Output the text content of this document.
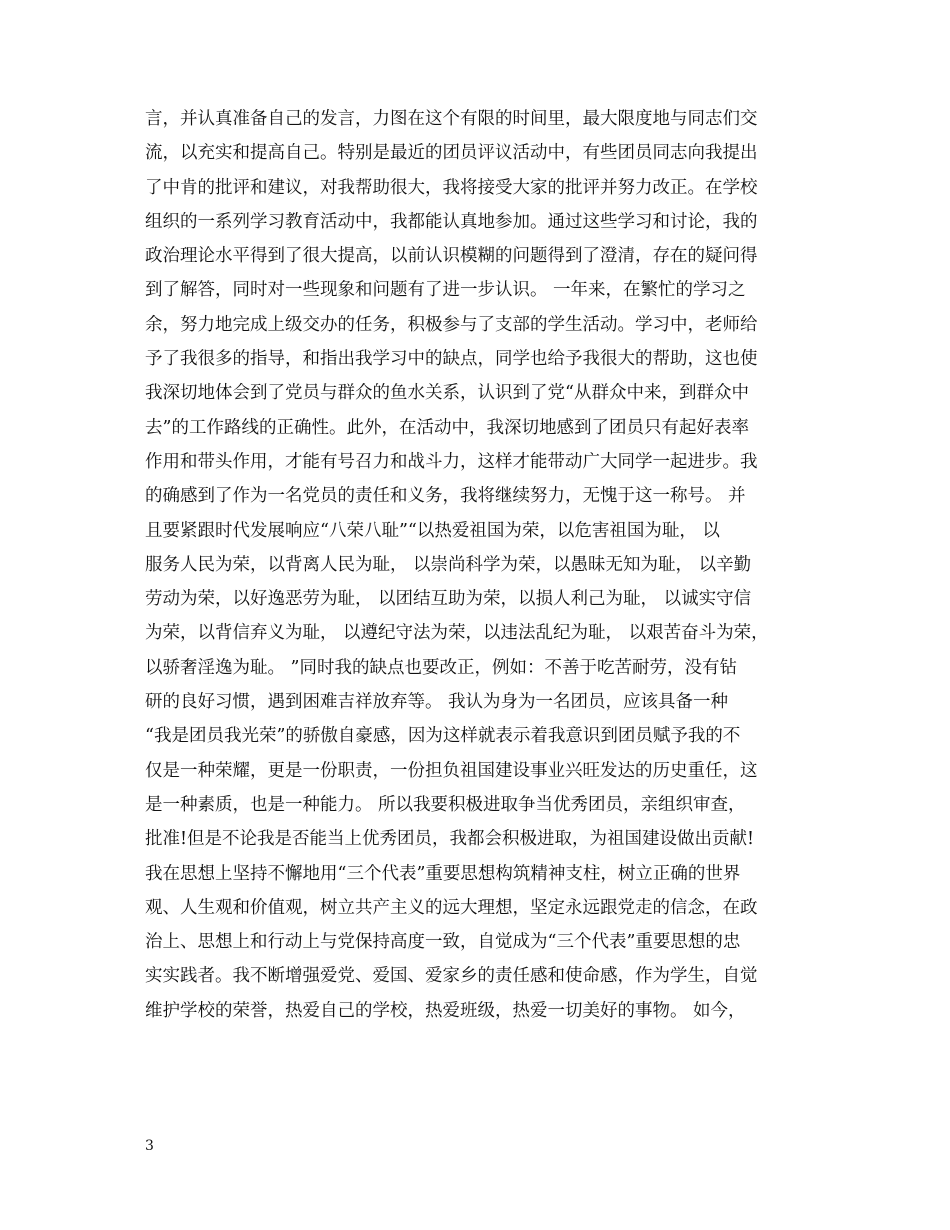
言，并认真准备自己的发言，力图在这个有限的时间里，最大限度地与同志们交
流，以充实和提高自己。特别是最近的团员评议活动中，有些团员同志向我提出
了中肯的批评和建议，对我帮助很大，我将接受大家的批评并努力改正。在学校
组织的一系列学习教育活动中，我都能认真地参加。通过这些学习和讨论，我的
政治理论水平得到了很大提高，以前认识模糊的问题得到了澄清，存在的疑问得
到了解答，同时对一些现象和问题有了进一步认识。 一年来，在繁忙的学习之
余，努力地完成上级交办的任务，积极参与了支部的学生活动。学习中，老师给
予了我很多的指导，和指出我学习中的缺点，同学也给予我很大的帮助，这也使
我深切地体会到了党员与群众的鱼水关系，认识到了党“从群众中来，到群众中
去”的工作路线的正确性。此外，在活动中，我深切地感到了团员只有起好表率
作用和带头作用，才能有号召力和战斗力，这样才能带动广大同学一起进步。我
的确感到了作为一名党员的责任和义务，我将继续努力，无愧于这一称号。 并
且要紧跟时代发展响应“八荣八耻”“以热爱祖国为荣，以危害祖国为耻， 以
服务人民为荣，以背离人民为耻， 以崇尚科学为荣，以愚昧无知为耻， 以辛勤
劳动为荣，以好逸恶劳为耻， 以团结互助为荣，以损人利己为耻， 以诚实守信
为荣，以背信弃义为耻， 以遵纪守法为荣，以违法乱纪为耻， 以艰苦奋斗为荣，
以骄奢淫逸为耻。 ”同时我的缺点也要改正，例如：不善于吃苦耐劳，没有钻
研的良好习惯，遇到困难吉祥放弃等。 我认为身为一名团员，应该具备一种
“我是团员我光荣”的骄傲自豪感，因为这样就表示着我意识到团员赋予我的不
仅是一种荣耀，更是一份职责，一份担负祖国建设事业兴旺发达的历史重任，这
是一种素质，也是一种能力。 所以我要积极进取争当优秀团员，亲组织审查，
批准!但是不论我是否能当上优秀团员，我都会积极进取，为祖国建设做出贡献!
我在思想上坚持不懈地用“三个代表”重要思想构筑精神支柱，树立正确的世界
观、人生观和价值观，树立共产主义的远大理想，坚定永远跟党走的信念，在政
治上、思想上和行动上与党保持高度一致，自觉成为“三个代表”重要思想的忠
实实践者。我不断增强爱党、爱国、爱家乡的责任感和使命感，作为学生，自觉
维护学校的荣誉，热爱自己的学校，热爱班级，热爱一切美好的事物。 如今，
3
